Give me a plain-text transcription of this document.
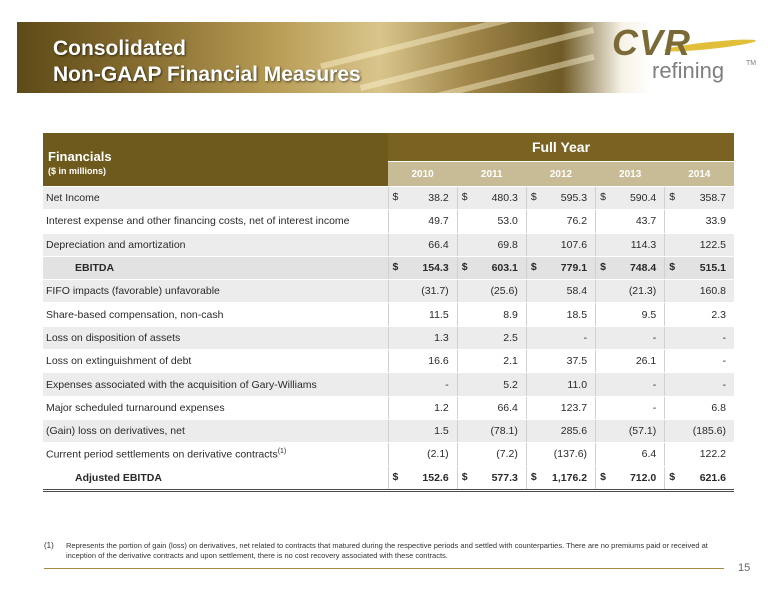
Consolidated
Non-GAAP Financial Measures
CVR
refining	TM
Financials
($ in millions)	Full Year				
	2010	2011	2012	2013	2014
Net Income	$ 38.2	$ 480.3	$ 595.3	$ 590.4	$ 358.7

Interest expense and other financing costs, net of interest income	49.7	53.0	76.2	43.7	33.9

Depreciation and amortization	66.4	69.8	107.6	114.3	122.5

EBITDA	$ 154.3	$ 603.1	$ 779.1	$ 748.4	$ 515.1

FIFO impacts (favorable) unfavorable	(31.7)	(25.6)	58.4	(21.3)	160.8

Share-based compensation, non-cash	11.5	8.9	18.5	9.5	2.3

Loss on disposition of assets	1.3	2.5	-	-	-

Loss on extinguishment of debt	16.6	2.1	37.5	26.1	-

Expenses associated with the acquisition of Gary-Williams	-	5.2	11.0	-	-

Major scheduled turnaround expenses	1.2	66.4	123.7	-	6.8

(Gain) loss on derivatives, net	1.5	(78.1)	285.6	(57.1)	(185.6)

Current period settlements on derivative contracts$^{(1)}$	(2.1)	(7.2)	(137.6)	6.4	122.2

Adjusted EBITDA	$ 152.6	$ 577.3	$ 1,176.2	$ 712.0	$ 621.6
(1)	Represents the portion of gain (loss) on derivatives, net related to contracts that matured during the respective periods and settled with counterparties. There are no premiums paid or received at inception of the derivative contracts and upon settlement, there is no cost recovery associated with these contracts.
15
